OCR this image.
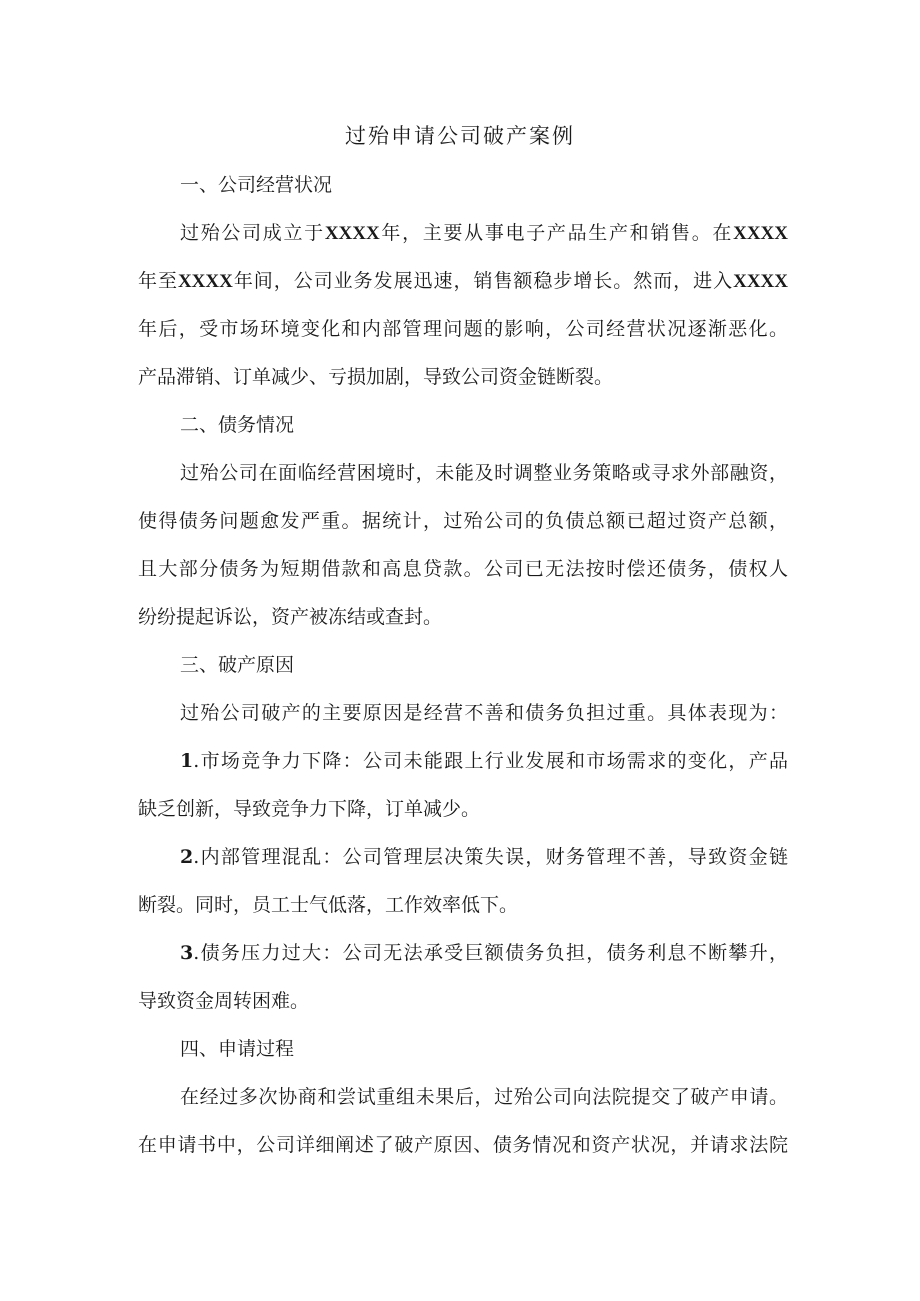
过殆申请公司破产案例

一、公司经营状况

过殆公司成立于XXXX年，主要从事电子产品生产和销售。在XXXX

年至XXXX年间，公司业务发展迅速，销售额稳步增长。然而，进入XXXX

年后，受市场环境变化和内部管理问题的影响，公司经营状况逐渐恶化。

产品滞销、订单减少、亏损加剧，导致公司资金链断裂。

二、债务情况

过殆公司在面临经营困境时，未能及时调整业务策略或寻求外部融资，

使得债务问题愈发严重。据统计，过殆公司的负债总额已超过资产总额，

且大部分债务为短期借款和高息贷款。公司已无法按时偿还债务，债权人

纷纷提起诉讼，资产被冻结或查封。

三、破产原因

过殆公司破产的主要原因是经营不善和债务负担过重。具体表现为：

1.市场竞争力下降：公司未能跟上行业发展和市场需求的变化，产品

缺乏创新，导致竞争力下降，订单减少。

2.内部管理混乱：公司管理层决策失误，财务管理不善，导致资金链

断裂。同时，员工士气低落，工作效率低下。

3.债务压力过大：公司无法承受巨额债务负担，债务利息不断攀升，

导致资金周转困难。

四、申请过程

在经过多次协商和尝试重组未果后，过殆公司向法院提交了破产申请。

在申请书中，公司详细阐述了破产原因、债务情况和资产状况，并请求法院
